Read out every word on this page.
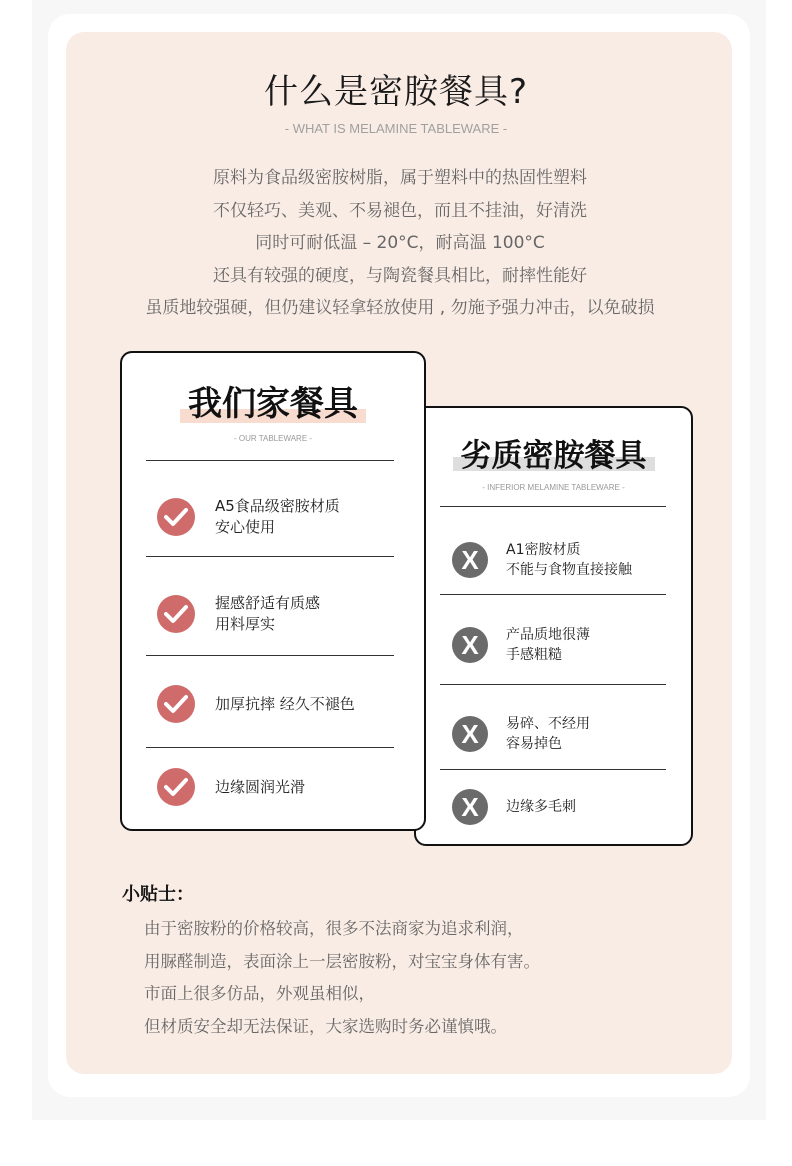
什么是密胺餐具?
- WHAT IS MELAMINE TABLEWARE -
原料为食品级密胺树脂，属于塑料中的热固性塑料
不仅轻巧、美观、不易褪色，而且不挂油，好清洗
同时可耐低温 – 20°C，耐高温 100°C
还具有较强的硬度，与陶瓷餐具相比，耐摔性能好
虽质地较强硬，但仍建议轻拿轻放使用 , 勿施予强力冲击，以免破损
劣质密胺餐具
- INFERIOR MELAMINE TABLEWARE -
X	A1密胺材质
不能与食物直接接触
X	产品质地很薄
手感粗糙
X	易碎、不经用
容易掉色
X	边缘多毛刺
我们家餐具
- OUR TABLEWARE -
A5食品级密胺材质
安心使用
握感舒适有质感
用料厚实
加厚抗摔 经久不褪色
边缘圆润光滑
小贴士：
由于密胺粉的价格较高，很多不法商家为追求利润，
用脲醛制造，表面涂上一层密胺粉，对宝宝身体有害。
市面上很多仿品，外观虽相似，
但材质安全却无法保证，大家选购时务必谨慎哦。
